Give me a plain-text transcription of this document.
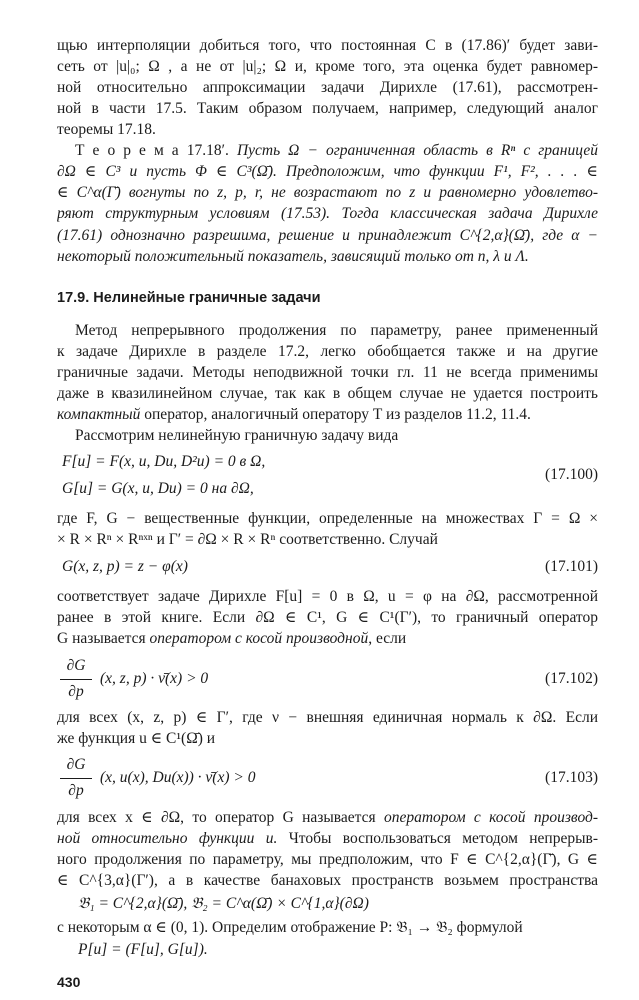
щью интерполяции добиться того, что постоянная C в (17.86)′ будет зави-
сеть от |u|₀; Ω , а не от |u|₂; Ω и, кроме того, эта оценка будет равномер-
ной относительно аппроксимации задачи Дирихле (17.61), рассмотрен-
ной в части 17.5. Таким образом получаем, например, следующий аналог
теоремы 17.18.
Т е о р е м а 17.18′. Пусть Ω − ограниченная область в Rⁿ с границей
∂Ω ∈ C³ и пусть Φ ∈ C³(Ω̄). Предположим, что функции F¹, F², . . . ∈
∈ C^α(Γ̄) вогнуты по z, p, r, не возрастают по z и равномерно удовлетво-
ряют структурным условиям (17.53). Тогда классическая задача Дирихле
(17.61) однозначно разрешима, решение и принадлежит C^{2,α}(Ω̄), где α −
некоторый положительный показатель, зависящий только от n, λ и Λ.
17.9. Нелинейные граничные задачи
Метод непрерывного продолжения по параметру, ранее примененный
к задаче Дирихле в разделе 17.2, легко обобщается также и на другие
граничные задачи. Методы неподвижной точки гл. 11 не всегда применимы
даже в квазилинейном случае, так как в общем случае не удается построить
компактный оператор, аналогичный оператору T из разделов 11.2, 11.4.
Рассмотрим нелинейную граничную задачу вида
F[u] = F(x, u, Du, D²u) = 0 в Ω,
G[u] = G(x, u, Du) = 0 на ∂Ω,
(17.100)
где F, G − вещественные функции, определенные на множествах Γ = Ω ×
× R × Rⁿ × Rⁿˣⁿ и Γ′ = ∂Ω × R × Rⁿ соответственно. Случай
G(x, z, p) = z − φ(x)	(17.101)
соответствует задаче Дирихле F[u] = 0 в Ω, u = φ на ∂Ω, рассмотренной
ранее в этой книге. Если ∂Ω ∈ C¹, G ∈ C¹(Γ′), то граничный оператор
G называется оператором с косой производной, если
∂G
∂p
(x, z, p) · ν̄(x) > 0	(17.102)
для всех (x, z, p) ∈ Γ′, где ν − внешняя единичная нормаль к ∂Ω. Если
же функция u ∈ C¹(Ω̄) и
∂G
∂p
(x, u(x), Du(x)) · ν̄(x) > 0	(17.103)
для всех x ∈ ∂Ω, то оператор G называется оператором с косой производ-
ной относительно функции u. Чтобы воспользоваться методом непрерыв-
ного продолжения по параметру, мы предположим, что F ∈ C^{2,α}(Γ̄), G ∈
∈ C^{3,α}(Γ′), а в качестве банаховых пространств возьмем пространства
𝔅₁ = C^{2,α}(Ω̄), 𝔅₂ = C^α(Ω̄) × C^{1,α}(∂Ω)
с некоторым α ∈ (0, 1). Определим отображение P: 𝔅₁ → 𝔅₂ формулой
P[u] = (F[u], G[u]).
430
